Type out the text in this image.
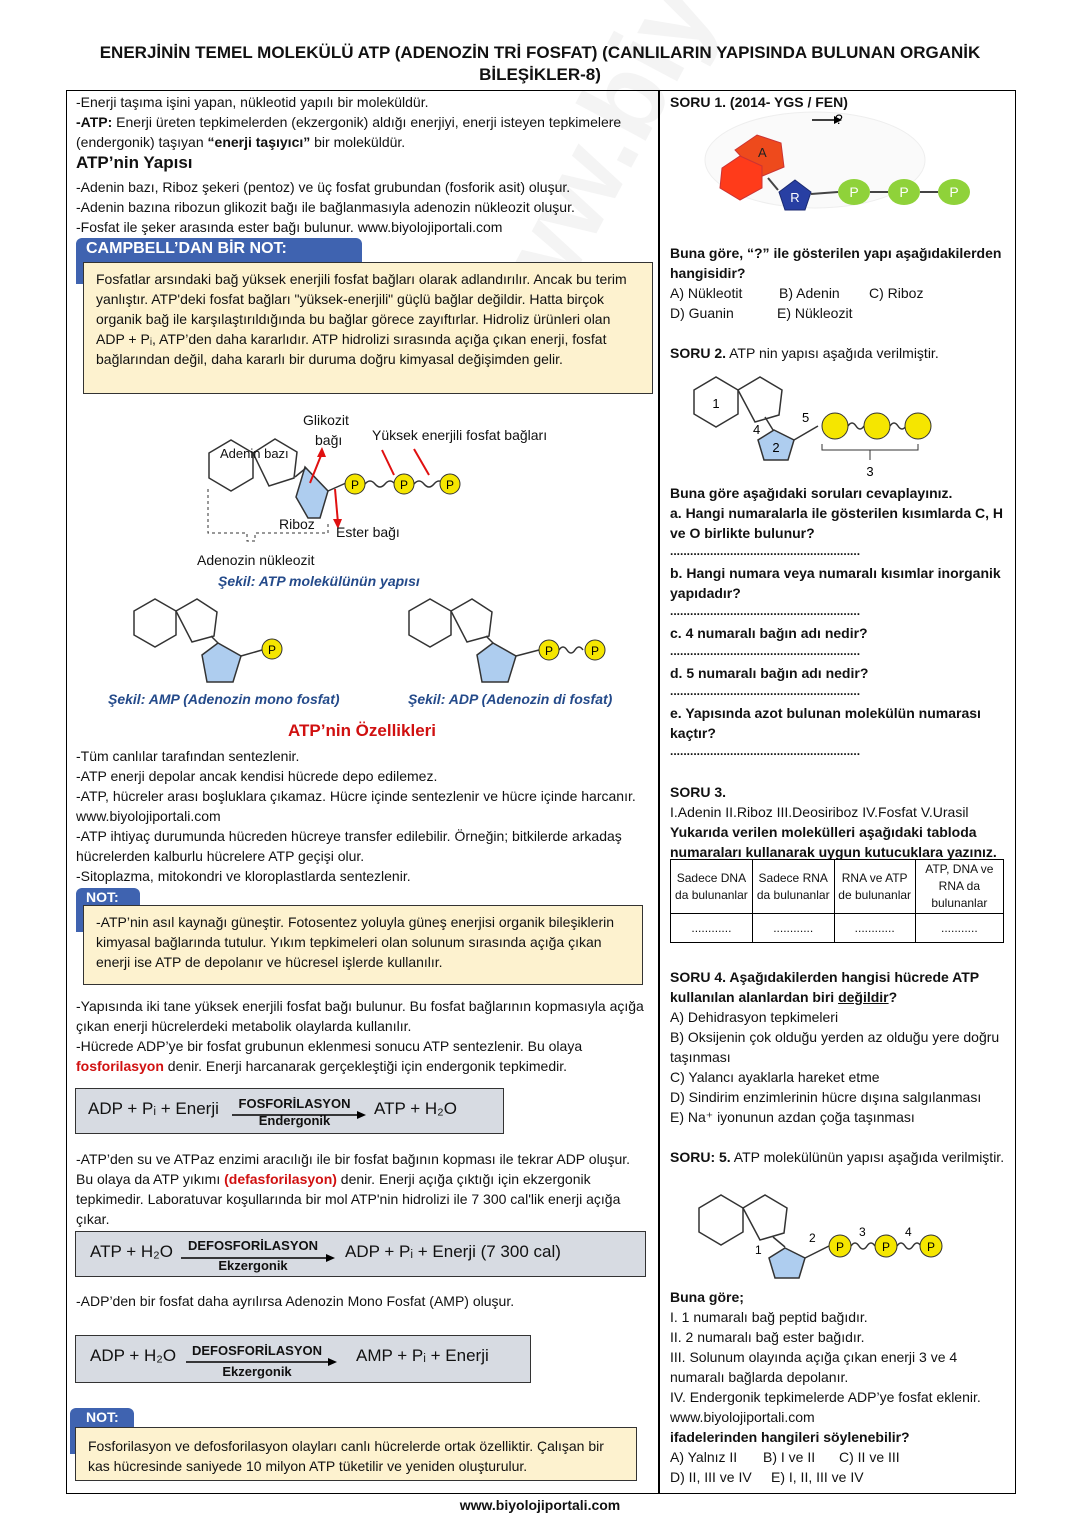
ENERJİNİN TEMEL MOLEKÜLÜ ATP (ADENOZİN TRİ FOSFAT) (CANLILARIN YAPISINDA BULUNAN ORGANİK BİLEŞİKLER-8)

-Enerji taşıma işini yapan, nükleotid yapılı bir moleküldür.

-ATP: Enerji üreten tepkimelerden (ekzergonik) aldığı enerjiyi, enerji isteyen tepkimelere (endergonik) taşıyan “enerji taşıyıcı” bir moleküldür.

ATP’nin Yapısı

-Adenin bazı, Riboz şekeri (pentoz) ve üç fosfat grubundan (fosforik asit) oluşur.

-Adenin bazına ribozun glikozit bağı ile bağlanmasıyla adenozin nükleozit oluşur.

-Fosfat ile şeker arasında ester bağı bulunur. www.biyolojiportali.com

CAMPBELL’DAN BİR NOT:
Fosfatlar arsındaki bağ yüksek enerjili fosfat bağları olarak adlandırılır. Ancak bu terim yanlıştır. ATP'deki fosfat bağları "yüksek-enerjili" güçlü bağlar değildir. Hatta birçok organik bağ ile karşılaştırıldığında bu bağlar görece zayıftırlar. Hidroliz ürünleri olan ADP + Pᵢ, ATP’den daha kararlıdır. ATP hidrolizi sırasında açığa çıkan enerji, fosfat bağlarından değil, daha kararlı bir duruma doğru kimyasal değişimden gelir.
P	P	P
Glikozit
bağı Yüksek enerjili fosfat bağları
Adenin bazı
Riboz Ester bağı
Adenozin nükleozit
Şekil: ATP molekülünün yapısı
P	P	P
Şekil: AMP (Adenozin mono fosfat)	Şekil: ADP (Adenozin di fosfat)
ATP’nin Özellikleri

-Tüm canlılar tarafından sentezlenir.

-ATP enerji depolar ancak kendisi hücrede depo edilemez.

-ATP, hücreler arası boşluklara çıkamaz. Hücre içinde sentezlenir ve hücre içinde harcanır. www.biyolojiportali.com

-ATP ihtiyaç durumunda hücreden hücreye transfer edilebilir. Örneğin; bitkilerde arkadaş hücrelerden kalburlu hücrelere ATP geçişi olur.

-Sitoplazma, mitokondri ve kloroplastlarda sentezlenir.

NOT:
-ATP’nin asıl kaynağı güneştir. Fotosentez yoluyla güneş enerjisi organik bileşiklerin kimyasal bağlarında tutulur. Yıkım tepkimeleri olan solunum sırasında açığa çıkan enerji ise ATP de depolanır ve hücresel işlerde kullanılır.

-Yapısında iki tane yüksek enerjili fosfat bağı bulunur. Bu fosfat bağlarının kopmasıyla açığa çıkan enerji hücrelerdeki metabolik olaylarda kullanılır.

-Hücrede ADP’ye bir fosfat grubunun eklenmesi sonucu ATP sentezlenir. Bu olaya fosforilasyon denir. Enerji harcanarak gerçekleştiği için endergonik tepkimedir.

ADP + Pᵢ + Enerji	FOSFORİLASYON
Endergonik
ATP + H₂O

-ATP’den su ve ATPaz enzimi aracılığı ile bir fosfat bağının kopması ile tekrar ADP oluşur. Bu olaya da ATP yıkımı (defasforilasyon) denir. Enerji açığa çıktığı için ekzergonik tepkimedir. Laboratuvar koşullarında bir mol ATP'nin hidrolizi ile 7 300 cal'lik enerji açığa çıkar.

ATP + H₂O	DEFOSFORİLASYON
Ekzergonik
ADP + Pᵢ + Enerji (7 300 cal)

-ADP’den bir fosfat daha ayrılırsa Adenozin Mono Fosfat (AMP) oluşur.

ADP + H₂O	DEFOSFORİLASYON
Ekzergonik
AMP + Pᵢ + Enerji
NOT:
Fosforilasyon ve defosforilasyon olayları canlı hücrelerde ortak özelliktir. Çalışan bir kas hücresinde saniyede 10 milyon ATP tüketilir ve yeniden oluşturulur.
SORU 1. (2014- YGS / FEN)
?
A
R	P	P	P

Buna göre, “?” ile gösterilen yapı aşağıdakilerden hangisidir?

A) Nükleotit	B) Adenin C) Riboz
D) Guanin	E) Nükleozit

SORU 2. ATP nin yapısı aşağıda verilmiştir.

1
2
4
5
3

Buna göre aşağıdaki soruları cevaplayınız.

a. Hangi numaralarla ile gösterilen kısımlarda C, H ve O birlikte bulunur?

.........................................................

b. Hangi numara veya numaralı kısımlar inorganik yapıdadır?

.........................................................

c. 4 numaralı bağın adı nedir?

.........................................................

d. 5 numaralı bağın adı nedir?

.........................................................

e. Yapısında azot bulunan molekülün numarası kaçtır?

.........................................................
SORU 3.

I.Adenin II.Riboz III.Deosiriboz IV.Fosfat V.Urasil

Yukarıda verilen molekülleri aşağıdaki tabloda numaraları kullanarak uygun kutucuklara yazınız.

Sadece DNA da bulunanlar	Sadece RNA da bulunanlar	RNA ve ATP de bulunanlar	ATP, DNA ve RNA da bulunanlar
............	............	............	...........

SORU 4. Aşağıdakilerden hangisi hücrede ATP kullanılan alanlardan biri değildir?

A) Dehidrasyon tepkimeleri

B) Oksijenin çok olduğu yerden az olduğu yere doğru taşınması

C) Yalancı ayaklarla hareket etme

D) Sindirim enzimlerinin hücre dışına salgılanması

E) Na⁺ iyonunun azdan çoğa taşınması

SORU: 5. ATP molekülünün yapısı aşağıda verilmiştir.

1
2
P
3
P
4
P
Buna göre;

I. 1 numaralı bağ peptid bağıdır.

II. 2 numaralı bağ ester bağıdır.

III. Solunum olayında açığa çıkan enerji 3 ve 4 numaralı bağlarda depolanır.

IV. Endergonik tepkimelerde ADP’ye fosfat eklenir. www.biyolojiportali.com

ifadelerinden hangileri söylenebilir?

A) Yalnız II B) I ve II C) II ve III
D) II, III ve IV E) I, II, III ve IV
www.biyolojiportali.com
